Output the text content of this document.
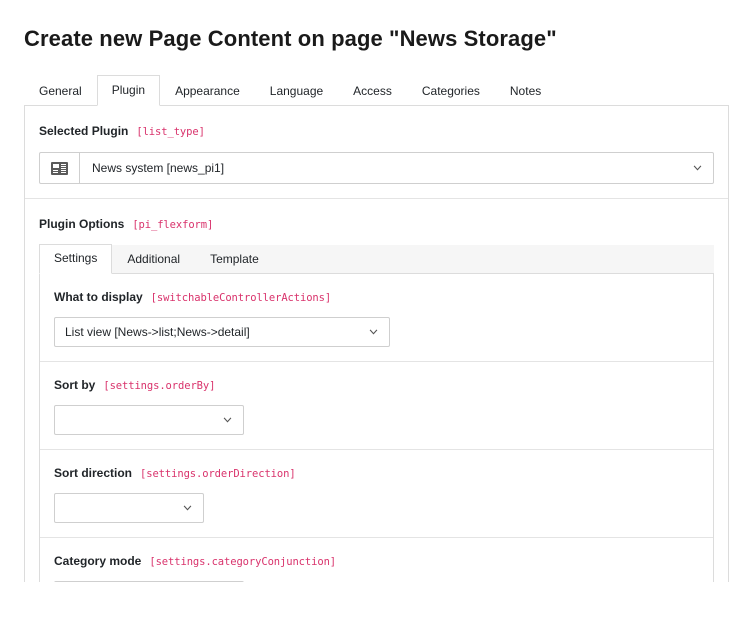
Create new Page Content on page "News Storage"
General	Plugin	Appearance	Language	Access	Categories	Notes
Selected Plugin [list_type]
News system [news_pi1]
Plugin Options [pi_flexform]
Settings	Additional	Template
What to display [switchableControllerActions]
List view [News->list;News->detail]
Sort by [settings.orderBy]
Sort direction [settings.orderDirection]
Category mode [settings.categoryConjunction]
